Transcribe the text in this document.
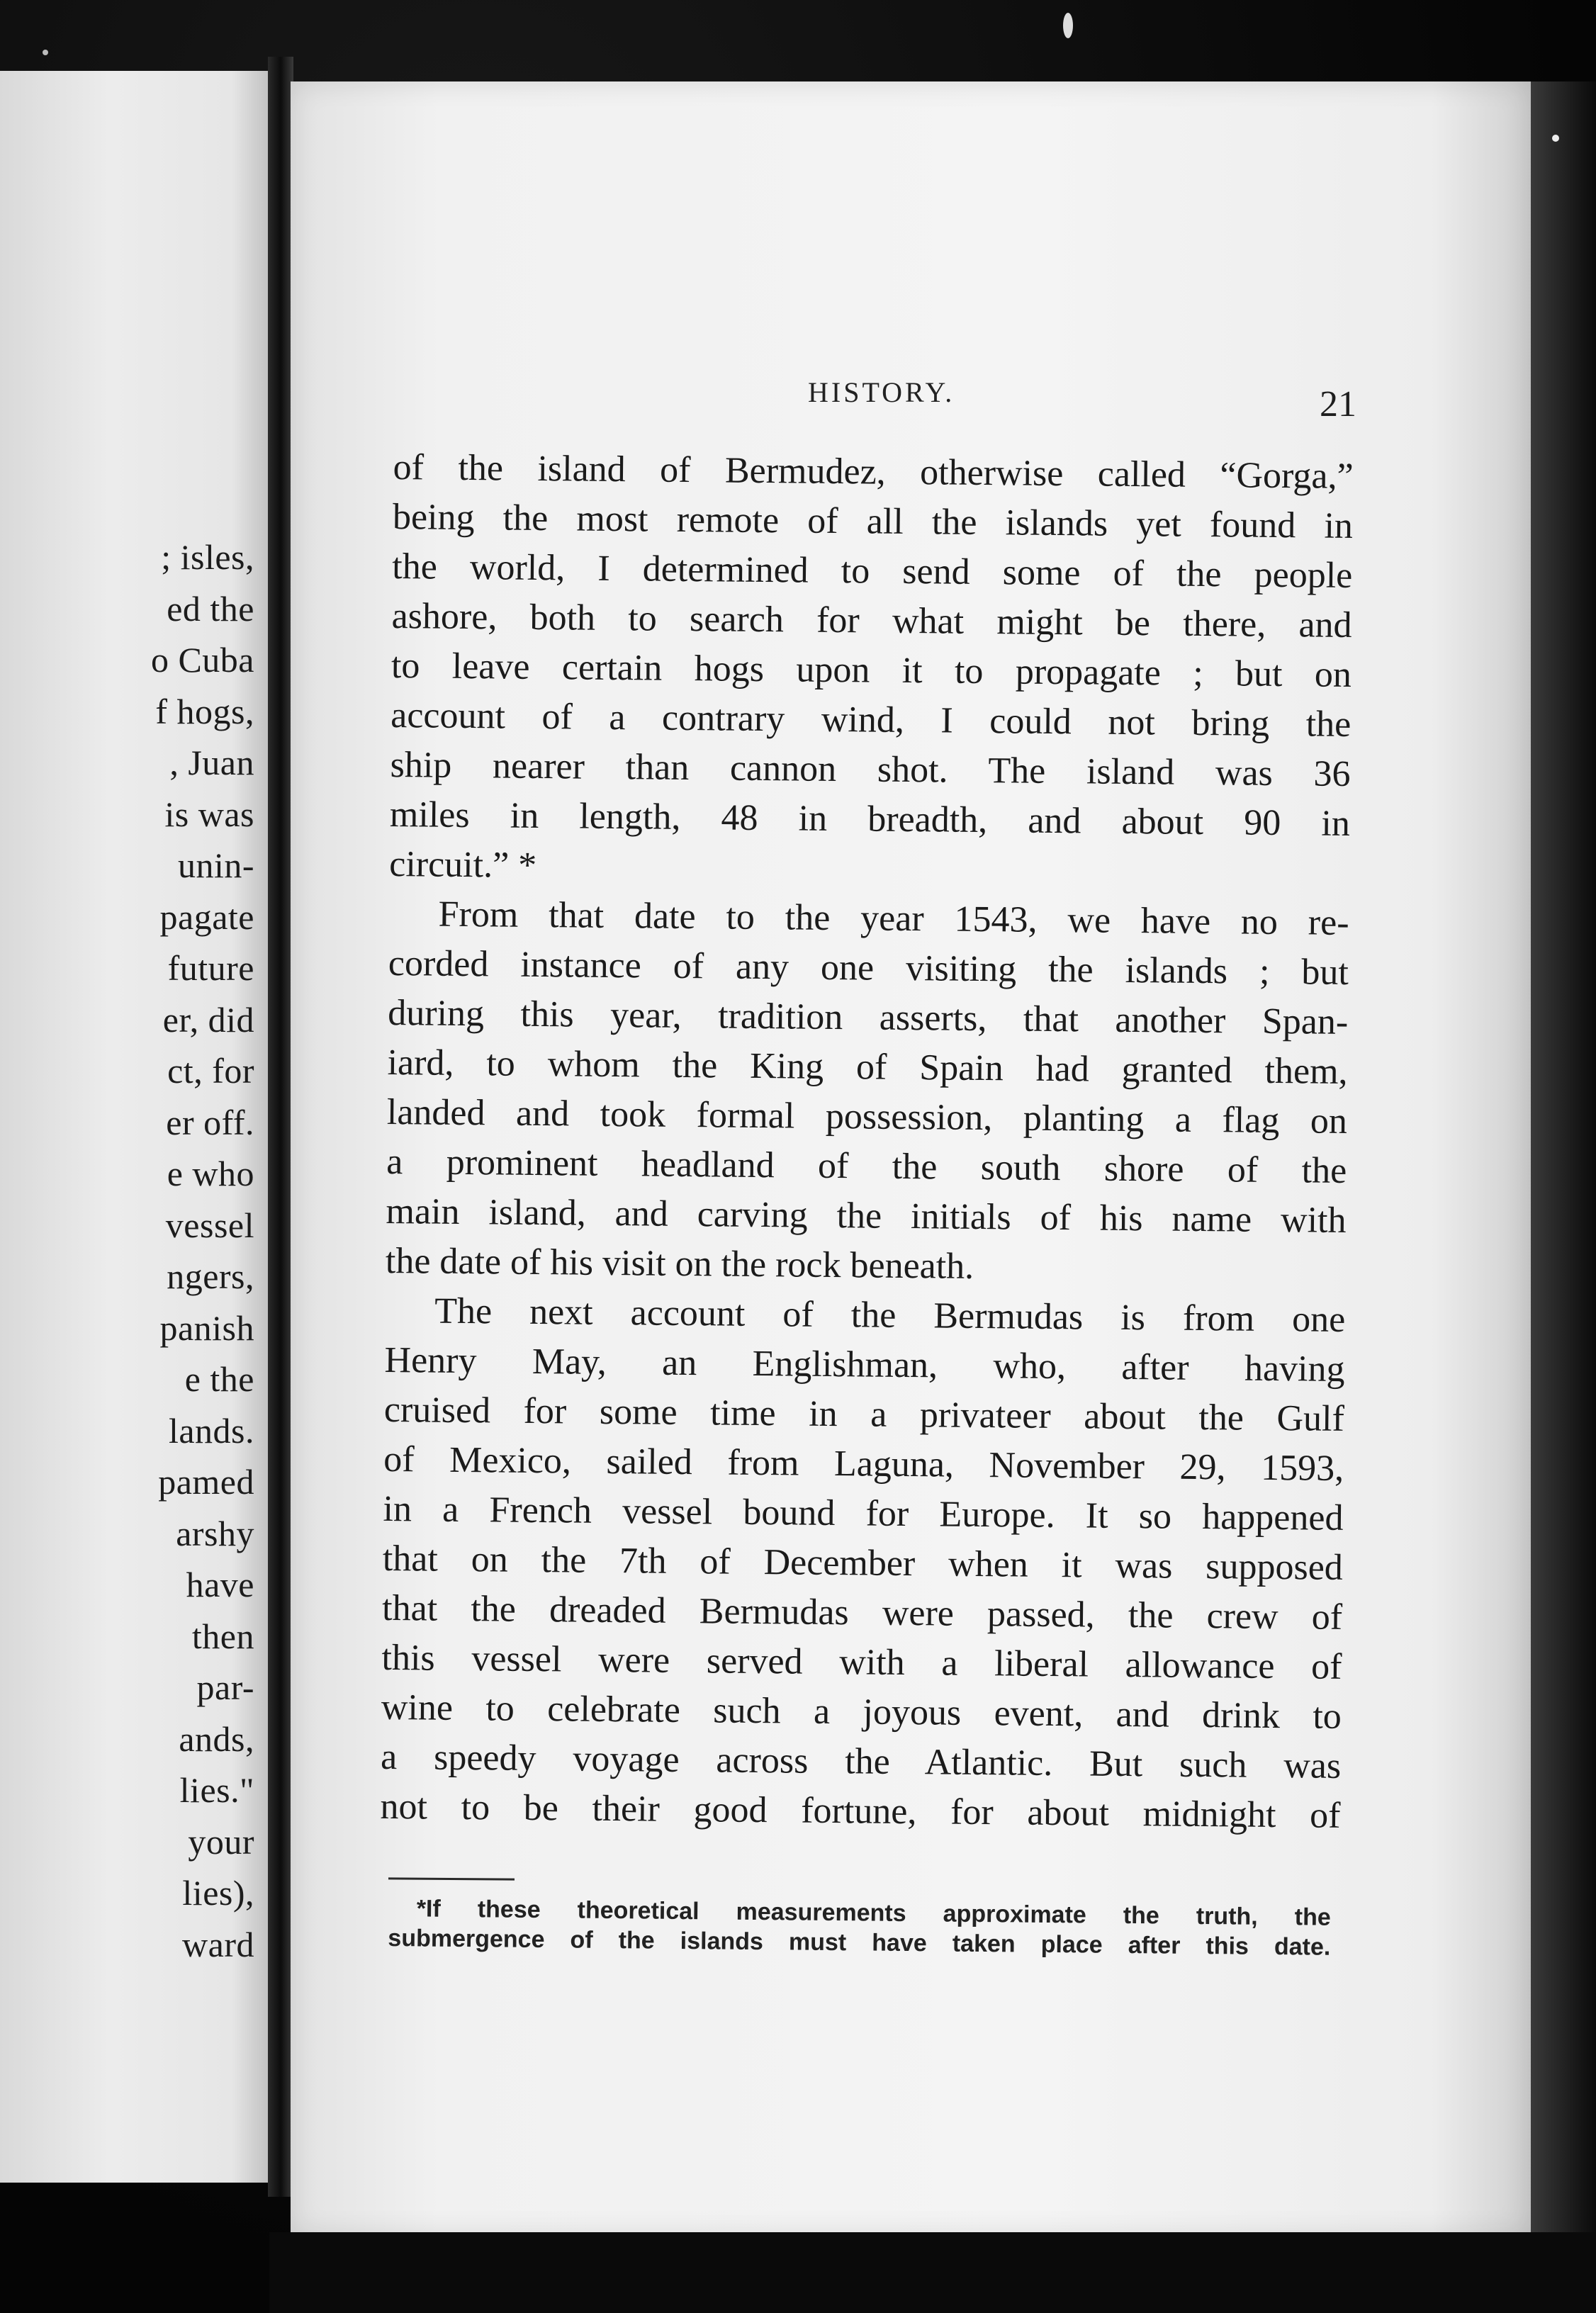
; isles,
ed the
o Cuba
f hogs,
, Juan
is was
unin-
pagate
future
er, did
ct, for
er off.
e who
vessel
ngers,
panish
e the
lands.
pamed
arshy
have
then
par-
ands,
lies."
your
lies),
ward
HISTORY.	21
of the island of Bermudez, otherwise called “Gorga,”
being the most remote of all the islands yet found in
the world, I determined to send some of the people
ashore, both to search for what might be there, and
to leave certain hogs upon it to propagate ; but on
account of a contrary wind, I could not bring the
ship nearer than cannon shot. The island was 36
miles in length, 48 in breadth, and about 90 in
circuit.” *
From that date to the year 1543, we have no re-
corded instance of any one visiting the islands ; but
during this year, tradition asserts, that another Span-
iard, to whom the King of Spain had granted them,
landed and took formal possession, planting a flag on
a prominent headland of the south shore of the
main island, and carving the initials of his name with
the date of his visit on the rock beneath.
The next account of the Bermudas is from one
Henry May, an Englishman, who, after having
cruised for some time in a privateer about the Gulf
of Mexico, sailed from Laguna, November 29, 1593,
in a French vessel bound for Europe. It so happened
that on the 7th of December when it was supposed
that the dreaded Bermudas were passed, the crew of
this vessel were served with a liberal allowance of
wine to celebrate such a joyous event, and drink to
a speedy voyage across the Atlantic. But such was
not to be their good fortune, for about midnight of
*If these theoretical measurements approximate the truth, the
submergence of the islands must have taken place after this date.
